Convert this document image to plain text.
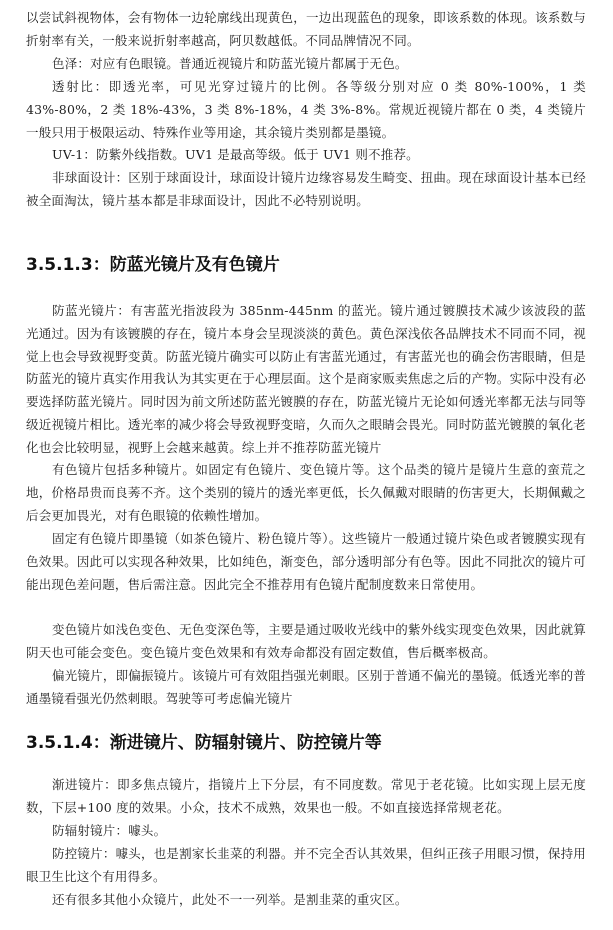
以尝试斜视物体，会有物体一边轮廓线出现黄色，一边出现蓝色的现象，即该系数的体现。该系数与折射率有关，一般来说折射率越高，阿贝数越低。不同品牌情况不同。

色泽：对应有色眼镜。普通近视镜片和防蓝光镜片都属于无色。

透射比：即透光率，可见光穿过镜片的比例。各等级分别对应 0 类 80%-100%，1 类 43%-80%，2 类 18%-43%，3 类 8%-18%，4 类 3%-8%。常规近视镜片都在 0 类，4 类镜片一般只用于极限运动、特殊作业等用途，其余镜片类别都是墨镜。

UV-1：防紫外线指数。UV1 是最高等级。低于 UV1 则不推荐。

非球面设计：区别于球面设计，球面设计镜片边缘容易发生畸变、扭曲。现在球面设计基本已经被全面淘汰，镜片基本都是非球面设计，因此不必特别说明。

3.5.1.3：防蓝光镜片及有色镜片

防蓝光镜片：有害蓝光指波段为 385nm-445nm 的蓝光。镜片通过镀膜技术减少该波段的蓝光通过。因为有该镀膜的存在，镜片本身会呈现淡淡的黄色。黄色深浅依各品牌技术不同而不同，视觉上也会导致视野变黄。防蓝光镜片确实可以防止有害蓝光通过，有害蓝光也的确会伤害眼睛，但是防蓝光的镜片真实作用我认为其实更在于心理层面。这个是商家贩卖焦虑之后的产物。实际中没有必要选择防蓝光镜片。同时因为前文所述防蓝光镀膜的存在，防蓝光镜片无论如何透光率都无法与同等级近视镜片相比。透光率的减少将会导致视野变暗，久而久之眼睛会畏光。同时防蓝光镀膜的氧化老化也会比较明显，视野上会越来越黄。综上并不推荐防蓝光镜片

有色镜片包括多种镜片。如固定有色镜片、变色镜片等。这个品类的镜片是镜片生意的蛮荒之地，价格昂贵而良莠不齐。这个类别的镜片的透光率更低，长久佩戴对眼睛的伤害更大，长期佩戴之后会更加畏光，对有色眼镜的依赖性增加。

固定有色镜片即墨镜（如茶色镜片、粉色镜片等）。这些镜片一般通过镜片染色或者镀膜实现有色效果。因此可以实现各种效果，比如纯色，渐变色，部分透明部分有色等。因此不同批次的镜片可能出现色差问题，售后需注意。因此完全不推荐用有色镜片配制度数来日常使用。

变色镜片如浅色变色、无色变深色等，主要是通过吸收光线中的紫外线实现变色效果，因此就算阴天也可能会变色。变色镜片变色效果和有效寿命都没有固定数值，售后概率极高。

偏光镜片，即偏振镜片。该镜片可有效阻挡强光刺眼。区别于普通不偏光的墨镜。低透光率的普通墨镜看强光仍然刺眼。驾驶等可考虑偏光镜片

3.5.1.4：渐进镜片、防辐射镜片、防控镜片等

渐进镜片：即多焦点镜片，指镜片上下分层，有不同度数。常见于老花镜。比如实现上层无度数，下层+100 度的效果。小众，技术不成熟，效果也一般。不如直接选择常规老花。

防辐射镜片：噱头。

防控镜片：噱头，也是割家长韭菜的利器。并不完全否认其效果，但纠正孩子用眼习惯，保持用眼卫生比这个有用得多。

还有很多其他小众镜片，此处不一一列举。是割韭菜的重灾区。
